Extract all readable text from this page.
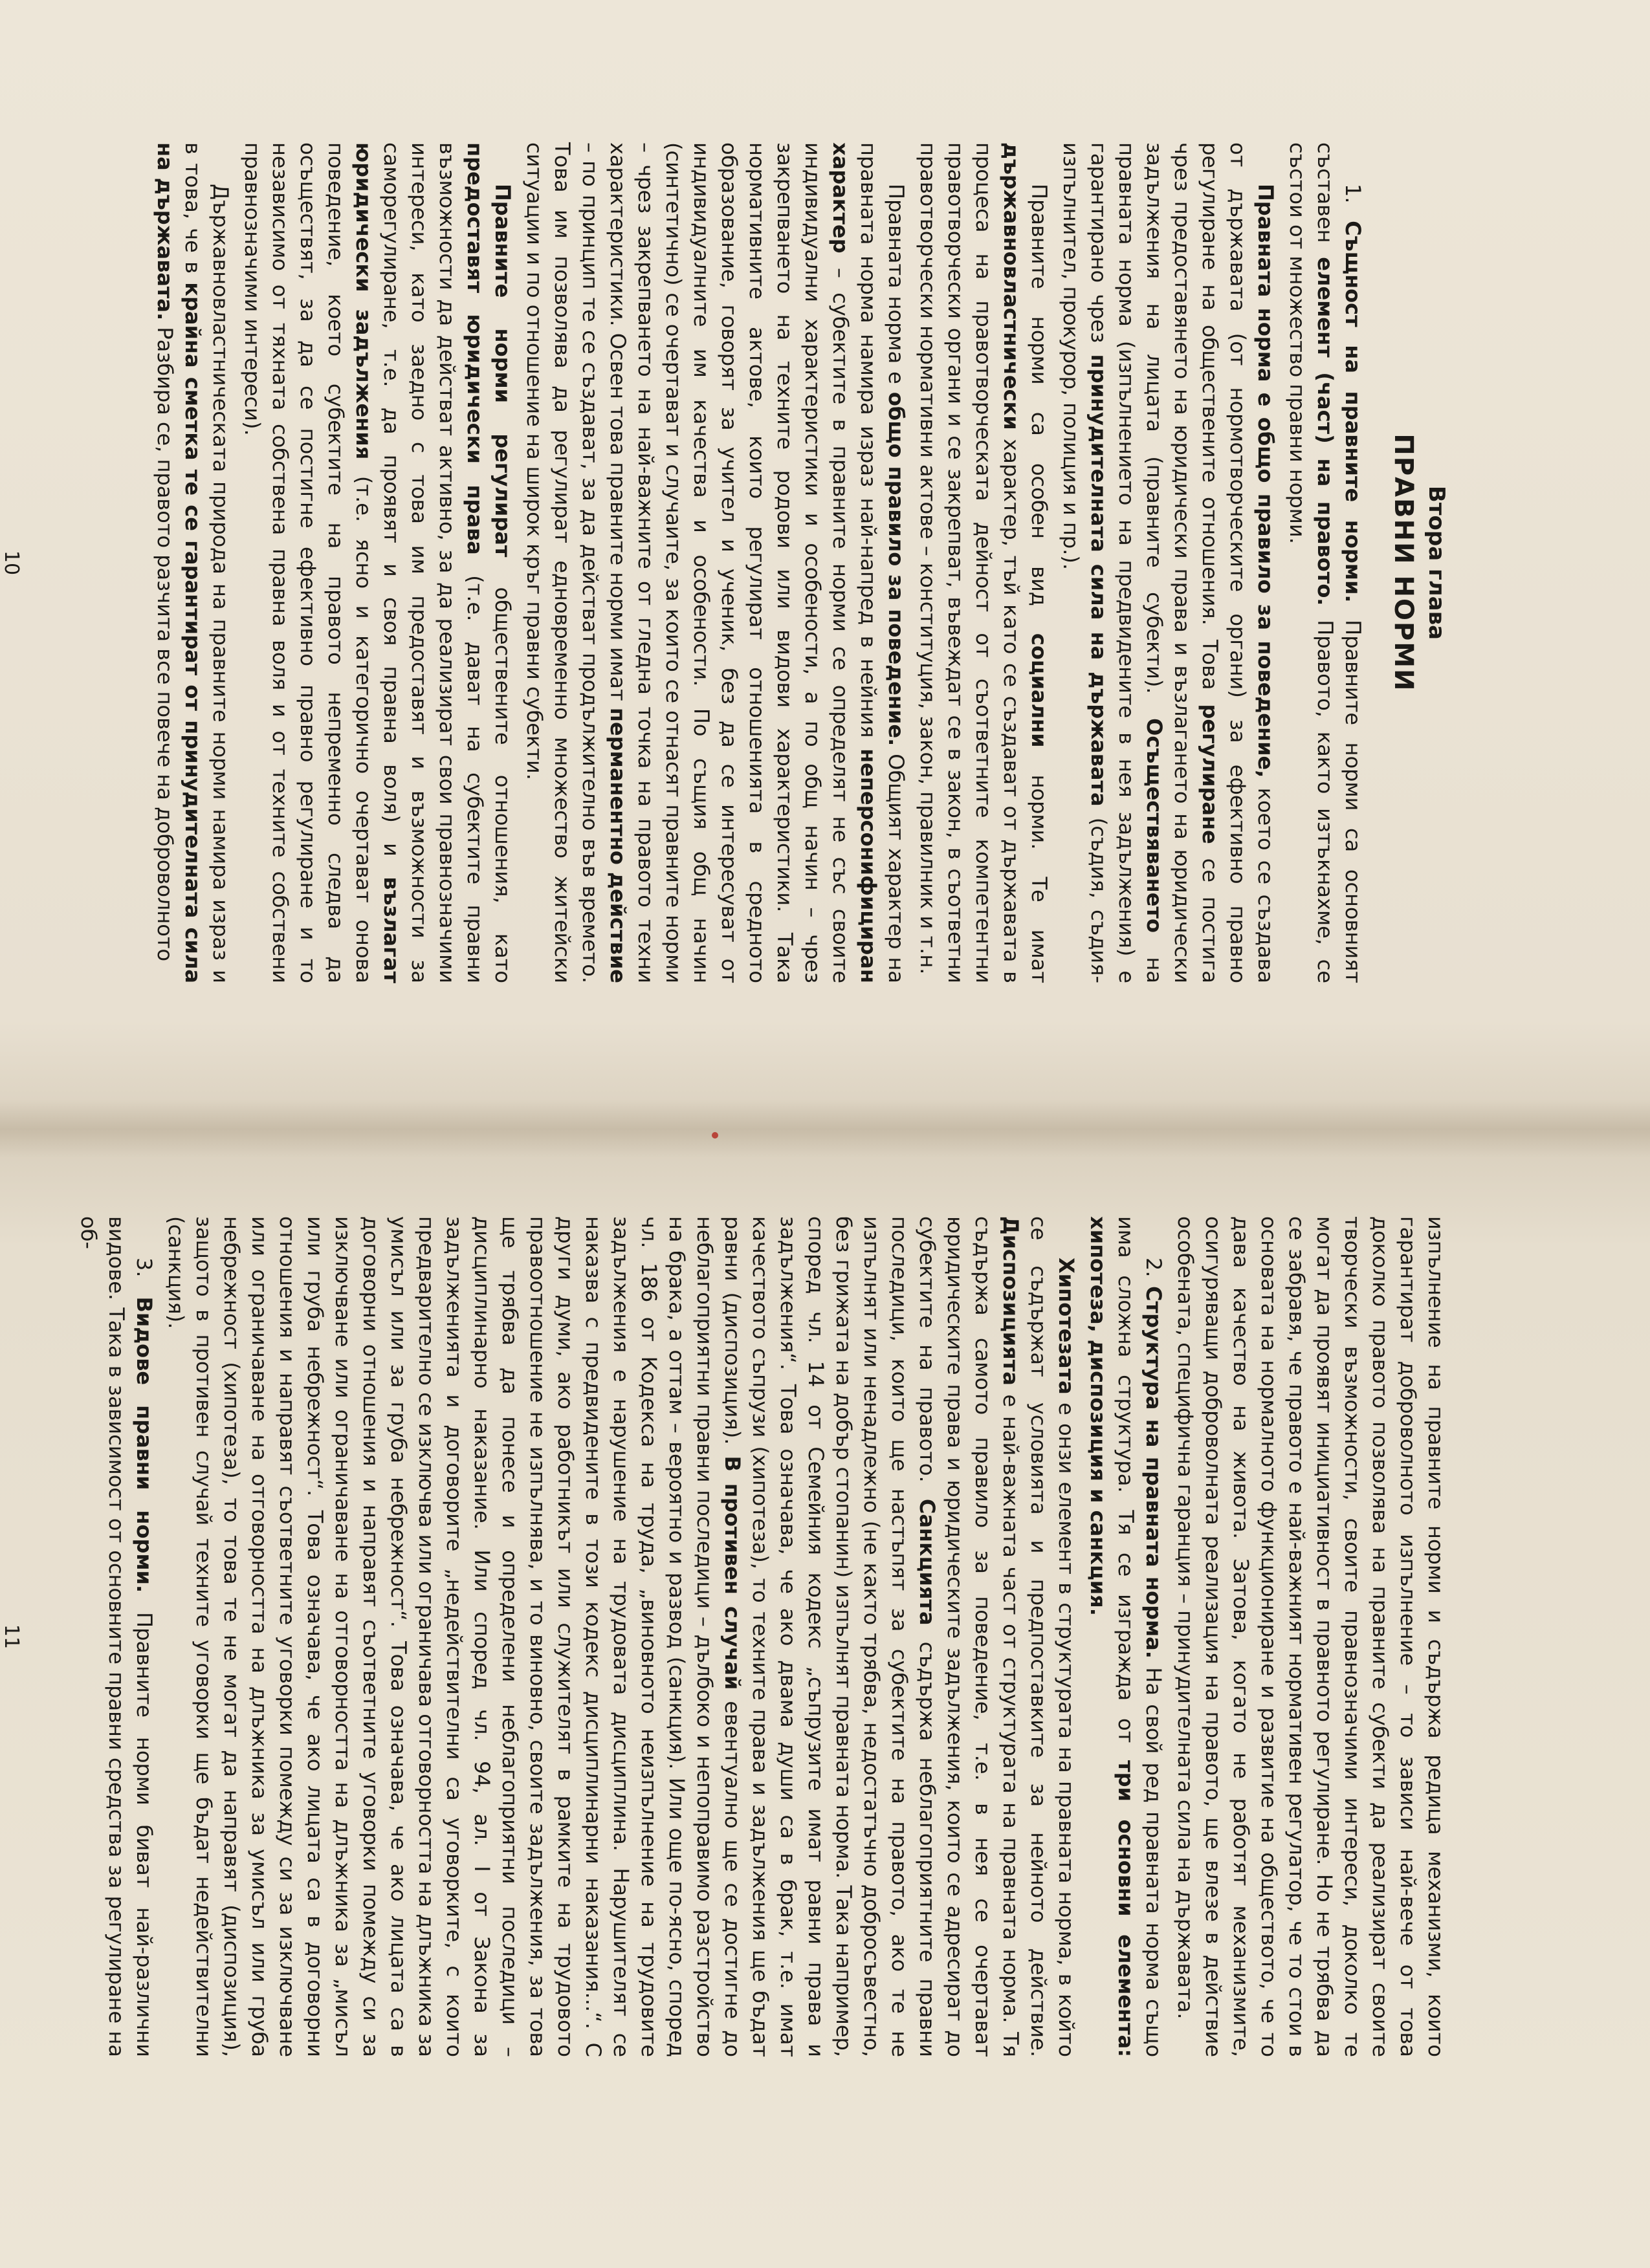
Втора глава
ПРАВНИ НОРМИ

1. Същност на правните норми. Правните норми са основният съставен елемент (част) на правото. Правото, както изтъкнахме, се състои от множество правни норми.

Правната норма е общо правило за поведение, което се създава от държавата (от нормотворческите органи) за ефективно правно регулиране на обществените отношения. Това регулиране се постига чрез предоставянето на юридически права и възлагането на юридически задължения на лицата (правните субекти). Осъществяването на правната норма (изпълнението на предвидените в нея задължения) е гарантирано чрез принудителната сила на държавата (съдия, съдия-изпълнител, прокурор, полиция и пр.).

Правните норми са особен вид социални норми. Те имат държавновластнически характер, тъй като се създават от държавата в процеса на правотворческата дейност от съответните компетентни правотворчески органи и се закрепват, въвеждат се в закон, в съответни правотворчески нормативни актове – конституция, закон, правилник и т.н.

Правната норма е общо правило за поведение. Общият характер на правната норма намира израз най-напред в нейния неперсонифициран характер – субектите в правните норми се определят не със своите индивидуални характеристики и особености, а по общ начин – чрез закрепването на техните родови или видови характеристики. Така нормативните актове, които регулират отношенията в средното образование, говорят за учител и ученик, без да се интересуват от индивидуалните им качества и особености. По същия общ начин (синтетично) се очертават и случаите, за които се отнасят правните норми – чрез закрепването на най-важните от гледна точка на правото техни характеристики. Освен това правните норми имат перманентно действие – по принцип те се създават, за да действат продължително във времето. Това им позволява да регулират едновременно множество житейски ситуации и по отношение на широк кръг правни субекти.

Правните норми регулират обществените отношения, като предоставят юридически права (т.е. дават на субектите правни възможности да действат активно, за да реализират свои правнозначими интереси, като заедно с това им предоставят и възможности за саморегулиране, т.е. да проявят и своя правна воля) и възлагат юридически задължения (т.е. ясно и категорично очертават онова поведение, което субектите на правото непременно следва да осъществят, за да се постигне ефективно правно регулиране и то независимо от тяхната собствена правна воля и от техните собствени правнозначими интереси).

Държавновластническата природа на правните норми намира израз и в това, че в крайна сметка те се гарантират от принудителната сила на държавата. Разбира се, правото разчита все повече на доброволното

10

изпълнение на правните норми и съдържа редица механизми, които гарантират доброволното изпълнение – то зависи най-вече от това доколко правото позволява на правните субекти да реализират своите творчески възможности, своите правнозначими интереси, доколко те могат да проявят инициативност в правното регулиране. Но не трябва да се забравя, че правото е най-важният нормативен регулатор, че то стои в основата на нормалното функциониране и развитие на обществото, че то дава качество на живота. Затова, когато не работят механизмите, осигуряващи доброволната реализация на правото, ще влезе в действие особената, специфична гаранция – принудителната сила на държавата.

2. Структура на правната норма. На свой ред правната норма също има сложна структура. Тя се изгражда от три основни елемента: хипотеза, диспозиция и санкция.

Хипотезата е онзи елемент в структурата на правната норма, в който се съдържат условията и предпоставките за нейното действие. Диспозицията е най-важната част от структурата на правната норма. Тя съдържа самото правило за поведение, т.е. в нея се очертават юридическите права и юридическите задължения, които се адресират до субектите на правото. Санкцията съдържа неблагоприятните правни последици, които ще настъпят за субектите на правото, ако те не изпълнят или ненадлежно (не както трябва, недостатъчно добросъвестно, без грижата на добър стопанин) изпълнят правната норма. Така например, според чл. 14 от Семейния кодекс „съпрузите имат равни права и задължения“. Това означава, че ако двама души са в брак, т.е. имат качеството съпрузи (хипотеза), то техните права и задължения ще бъдат равни (диспозиция). В противен случай евентуално ще се достигне до неблагоприятни правни последици – дълбоко и непоправимо разстройство на брака, а оттам – вероятно и развод (санкция). Или още по-ясно, според чл. 186 от Кодекса на труда, „виновното неизпълнение на трудовите задължения е нарушение на трудовата дисциплина. Нарушителят се наказва с предвидените в този кодекс дисциплинарни наказания...“. С други думи, ако работникът или служителят в рамките на трудовото правоотношение не изпълнява, и то виновно, своите задължения, за това ще трябва да понесе и определени неблагоприятни последици – дисциплинарно наказание. Или според чл. 94, ал. I от Закона за задълженията и договорите „недействителни са уговорките, с които предварително се изключва или ограничава отговорността на длъжника за умисъл или за груба небрежност“. Това означава, че ако лицата са в договорни отношения и направят съответните уговорки помежду си за изключване или ограничаване на отговорността на длъжника за „мисъл или груба небрежност“. Това означава, че ако лицата са в договорни отношения и направят съответните уговорки помежду си за изключване или ограничаване на отговорността на длъжника за умисъл или груба небрежност (хипотеза), то това те не могат да направят (диспозиция), защото в противен случай техните уговорки ще бъдат недействителни (санкция).

3. Видове правни норми. Правните норми биват най-различни видове. Така в зависимост от основните правни средства за регулиране на об-

11
